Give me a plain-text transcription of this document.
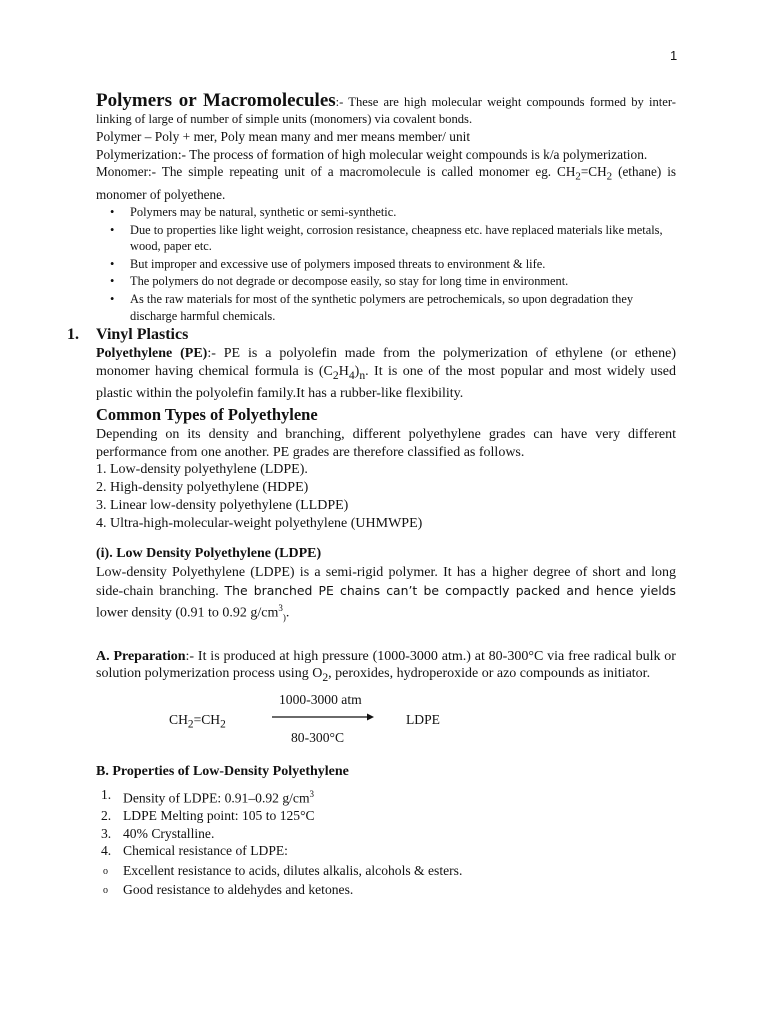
1

Polymers or Macromolecules:- These are high molecular weight compounds formed by inter-linking of large of number of simple units (monomers) via covalent bonds.

Polymer – Poly + mer, Poly mean many and mer means member/ unit

Polymerization:- The process of formation of high molecular weight compounds is k/a polymerization.

Monomer:- The simple repeating unit of a macromolecule is called monomer eg. $CH_2=CH_2$ (ethane) is monomer of polyethene.

• Polymers may be natural, synthetic or semi-synthetic.
• Due to properties like light weight, corrosion resistance, cheapness etc. have replaced materials like metals, wood, paper etc.
• But improper and excessive use of polymers imposed threats to environment & life.
• The polymers do not degrade or decompose easily, so stay for long time in environment.
• As the raw materials for most of the synthetic polymers are petrochemicals, so upon degradation they discharge harmful chemicals.

1. Vinyl Plastics

Polyethylene (PE):- PE is a polyolefin made from the polymerization of ethylene (or ethene) monomer having chemical formula is $(C_2H_4)_n$. It is one of the most popular and most widely used plastic within the polyolefin family.It has a rubber-like flexibility.

Common Types of Polyethylene

Depending on its density and branching, different polyethylene grades can have very different performance from one another. PE grades are therefore classified as follows.

1. Low-density polyethylene (LDPE).

2. High-density polyethylene (HDPE)

3. Linear low-density polyethylene (LLDPE)

4. Ultra-high-molecular-weight polyethylene (UHMWPE)

(i). Low Density Polyethylene (LDPE)

Low-density Polyethylene (LDPE) is a semi-rigid polymer. It has a higher degree of short and long side-chain branching. The branched PE chains can’t be compactly packed and hence yields lower density (0.91 to 0.92 $g/cm^3_)$.

A. Preparation:- It is produced at high pressure (1000-3000 atm.) at 80-300°C via free radical bulk or solution polymerization process using $O_2$, peroxides, hydroperoxide or azo compounds as initiator.

1000-3000 atm
$CH_2=CH_2$	LDPE
80-300°C

B. Properties of Low-Density Polyethylene

1. Density of LDPE: 0.91–0.92 $g/cm^3$
2. LDPE Melting point: 105 to 125°C
3. 40% Crystalline.
4. Chemical resistance of LDPE:
o Excellent resistance to acids, dilutes alkalis, alcohols & esters.
o Good resistance to aldehydes and ketones.
